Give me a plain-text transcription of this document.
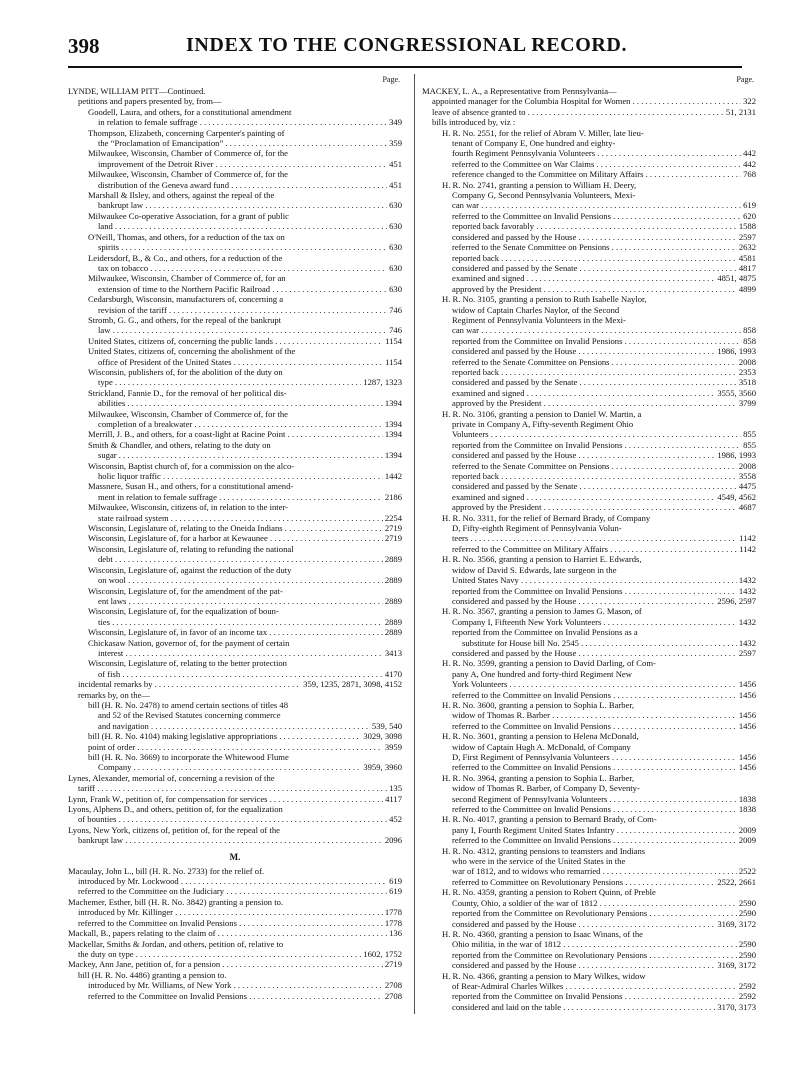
398	INDEX TO THE CONGRESSIONAL RECORD.
Page.
LYNDE, WILLIAM PITT—Continued.
petitions and papers presented by, from—
Goodell, Laura, and others, for a constitutional amendment
in relation to female suffrage . . .	349
Thompson, Elizabeth, concerning Carpenter's painting of
the “Proclamation of Emancipation” . . .	359
Milwaukee, Wisconsin, Chamber of Commerce of, for the
improvement of the Detroit River . . .	451
Milwaukee, Wisconsin, Chamber of Commerce of, for the
distribution of the Geneva award fund . . .	451
Marshall & Ilsley, and others, against the repeal of the
bankrupt law . . .	630
Milwaukee Co-operative Association, for a grant of public
land . . .	630
O'Neill, Thomas, and others, for a reduction of the tax on
spirits . . .	630
Leidersdorf, B., & Co., and others, for a reduction of the
tax on tobacco . . .	630
Milwaukee, Wisconsin, Chamber of Commerce of, for an
extension of time to the Northern Pacific Railroad . . .	630
Cedarsburgh, Wisconsin, manufacturers of, concerning a
revision of the tariff . . .	746
Stromb, G. G., and others, for the repeal of the bankrupt
law . . .	746
United States, citizens of, concerning the public lands . . .	1154
United States, citizens of, concerning the abolishment of the
office of President of the United States . . .	1154
Wisconsin, publishers of, for the abolition of the duty on
type . . .	1287, 1323
Strickland, Fannie D., for the removal of her political dis-
abilities . . .	1394
Milwaukee, Wisconsin, Chamber of Commerce of, for the
completion of a breakwater . . .	1394
Merrill, J. B., and others, for a coast-light at Racine Point . . .	1394
Smith & Chandler, and others, relating to the duty on
sugar . . .	1394
Wisconsin, Baptist church of, for a commission on the alco-
holic liquor traffic . . .	1442
Massnere, Susan H., and others, for a constitutional amend-
ment in relation to female suffrage . . .	2186
Milwaukee, Wisconsin, citizens of, in relation to the inter-
state railroad system . . .	2254
Wisconsin, Legislature of, relating to the Oneida Indians . . .	2719
Wisconsin, Legislature of, for a harbor at Kewaunee . . .	2719
Wisconsin, Legislature of, relating to refunding the national
debt . . .	2889
Wisconsin, Legislature of, against the reduction of the duty
on wool . . .	2889
Wisconsin, Legislature of, for the amendment of the pat-
ent laws . . .	2889
Wisconsin, Legislature of, for the equalization of boun-
ties . . .	2889
Wisconsin, Legislature of, in favor of an income tax . . .	2889
Chickasaw Nation, governor of, for the payment of certain
interest . . .	3413
Wisconsin, Legislature of, relating to the better protection
of fish . . .	4170
incidental remarks by . . .	359, 1235, 2871, 3098, 4152
remarks by, on the—
bill (H. R. No. 2478) to amend certain sections of titles 48
and 52 of the Revised Statutes concerning commerce
and navigation . . .	539, 540
bill (H. R. No. 4104) making legislative appropriations . . .	3029, 3098
point of order . . .	3959
bill (H. R. No. 3669) to incorporate the Whitewood Flume
Company . . .	3959, 3960
Lynes, Alexander, memorial of, concerning a revision of the
tariff . . .	135
Lynn, Frank W., petition of, for compensation for services . . .	4117
Lyons, Alphens D., and others, petition of, for the equalization
of bounties . . .	452
Lyons, New York, citizens of, petition of, for the repeal of the
bankrupt law . . .	2096
M.
Macaulay, John L., bill (H. R. No. 2733) for the relief of.
introduced by Mr. Lockwood . . .	619
referred to the Committee on the Judiciary . . .	619
Machemer, Esther, bill (H. R. No. 3842) granting a pension to.
introduced by Mr. Killinger . . .	1778
referred to the Committee on Invalid Pensions . . .	1778
Mackall, B., papers relating to the claim of . . .	136
Mackellar, Smiths & Jordan, and others, petition of, relative to
the duty on type . . .	1602, 1752
Mackey, Ann Jane, petition of, for a pension . . .	2719
bill (H. R. No. 4486) granting a pension to.
introduced by Mr. Williams, of New York . . .	2708
referred to the Committee on Invalid Pensions . . .	2708
Page.
MACKEY, L. A., a Representative from Pennsylvania—
appointed manager for the Columbia Hospital for Women . . .	322
leave of absence granted to . . .	51, 2131
bills introduced by, viz :
H. R. No. 2551, for the relief of Abram V. Miller, late lieu-
tenant of Company E, One hundred and eighty-
fourth Regiment Pennsylvania Volunteers . . .	442
referred to the Committee on War Claims . . .	442
reference changed to the Committee on Military Affairs . . .	768
H. R. No. 2741, granting a pension to William H. Deery,
Company G, Second Pennsylvania Volunteers, Mexi-
can war . . .	619
referred to the Committee on Invalid Pensions . . .	620
reported back favorably . . .	1588
considered and passed by the House . . .	2597
referred to the Senate Committee on Pensions . . .	2632
reported back . . .	4581
considered and passed by the Senate . . .	4817
examined and signed . . .	4851, 4875
approved by the President . . .	4899
H. R. No. 3105, granting a pension to Ruth Isabelle Naylor,
widow of Captain Charles Naylor, of the Second
Regiment of Pennsylvania Volunteers in the Mexi-
can war . . .	858
reported from the Committee on Invalid Pensions . . .	858
considered and passed by the House . . .	1986, 1993
referred to the Senate Committee on Pensions . . .	2008
reported back . . .	2353
considered and passed by the Senate . . .	3518
examined and signed . . .	3555, 3560
approved by the President . . .	3799
H. R. No. 3106, granting a pension to Daniel W. Martin, a
private in Company A, Fifty-seventh Regiment Ohio
Volunteers . . .	855
reported from the Committee on Invalid Pensions . . .	855
considered and passed by the House . . .	1986, 1993
referred to the Senate Committee on Pensions . . .	2008
reported back . . .	3558
considered and passed by the Senate . . .	4475
examined and signed . . .	4549, 4562
approved by the President . . .	4687
H. R. No. 3311, for the relief of Bernard Brady, of Company
D, Fifty-eighth Regiment of Pennsylvania Volun-
teers . . .	1142
referred to the Committee on Military Affairs . . .	1142
H. R. No. 3566, granting a pension to Harriet E. Edwards,
widow of David S. Edwards, late surgeon in the
United States Navy . . .	1432
reported from the Committee on Invalid Pensions . . .	1432
considered and passed by the House . . .	2596, 2597
H. R. No. 3567, granting a pension to James G. Mason, of
Company I, Fifteenth New York Volunteers . . .	1432
reported from the Committee on Invalid Pensions as a
substitute for House bill No. 2545 . . .	1432
considered and passed by the House . . .	2597
H. R. No. 3599, granting a pension to David Darling, of Com-
pany A, One hundred and forty-third Regiment New
York Volunteers . . .	1456
referred to the Committee on Invalid Pensions . . .	1456
H. R. No. 3600, granting a pension to Sophia L. Barber,
widow of Thomas R. Barber . . .	1456
referred to the Committee on Invalid Pensions . . .	1456
H. R. No. 3601, granting a pension to Helena McDonald,
widow of Captain Hugh A. McDonald, of Company
D, First Regiment of Pennsylvania Volunteers . . .	1456
referred to the Committee on Invalid Pensions . . .	1456
H. R. No. 3964, granting a pension to Sophia L. Barber,
widow of Thomas R. Barber, of Company D, Seventy-
second Regiment of Pennsylvania Volunteers . . .	1838
referred to the Committee on Invalid Pensions . . .	1838
H. R. No. 4017, granting a pension to Bernard Brady, of Com-
pany I, Fourth Regiment United States Infantry . . .	2009
referred to the Committee on Invalid Pensions . . .	2009
H. R. No. 4312, granting pensions to teamsters and Indians
who were in the service of the United States in the
war of 1812, and to widows who remarried . . .	2522
referred to Committee on Revolutionary Pensions . . .	2522, 2661
H. R. No. 4359, granting a pension to Robert Quinn, of Preble
County, Ohio, a soldier of the war of 1812 . . .	2590
reported from the Committee on Revolutionary Pensions . . .	2590
considered and passed by the House . . .	3169, 3172
H. R. No. 4360, granting a pension to Isaac Winans, of the
Ohio militia, in the war of 1812 . . .	2590
reported from the Committee on Revolutionary Pensions . . .	2590
considered and passed by the House . . .	3169, 3172
H. R. No. 4366, granting a pension to Mary Wilkes, widow
of Rear-Admiral Charles Wilkes . . .	2592
reported from the Committee on Invalid Pensions . . .	2592
considered and laid on the table . . .	3170, 3173
